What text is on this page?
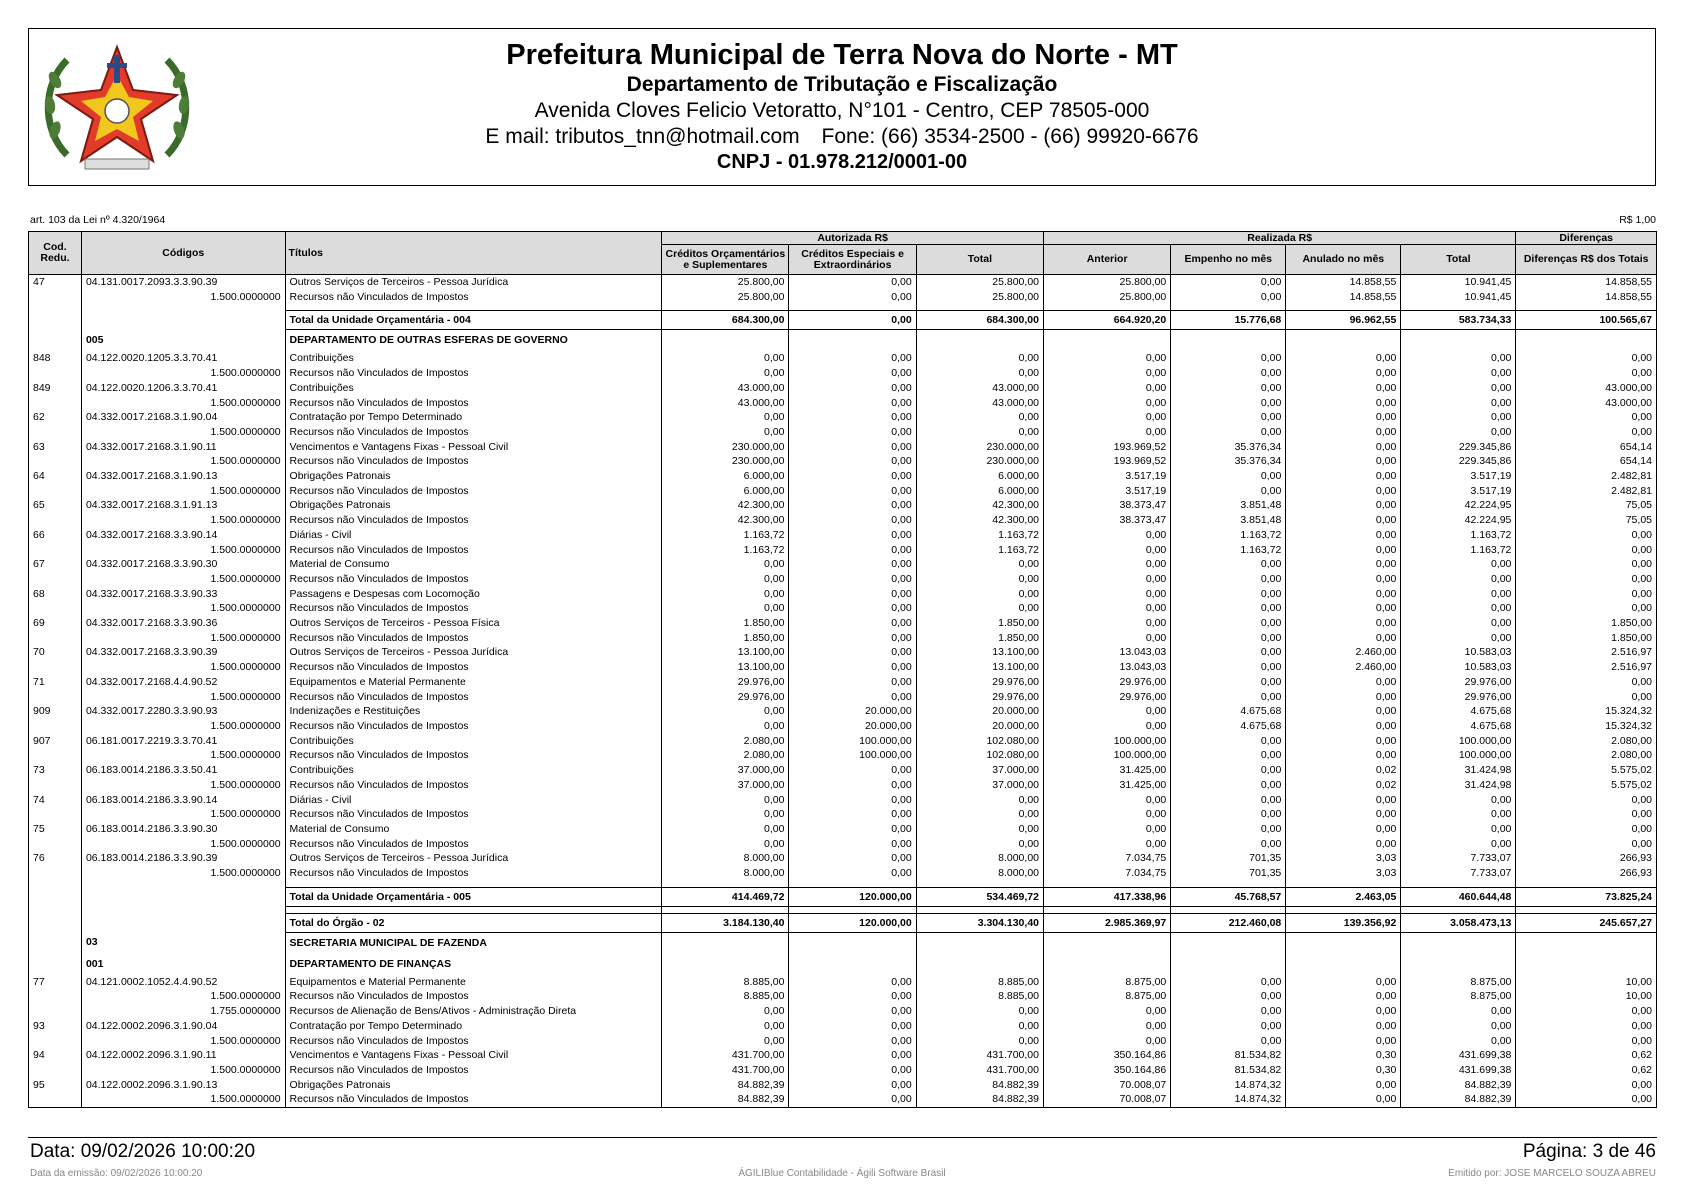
Prefeitura Municipal de Terra Nova do Norte - MT
Departamento de Tributação e Fiscalização
Avenida Cloves Felicio Vetoratto, N°101 - Centro, CEP 78505-000
E mail: tributos_tnn@hotmail.com Fone: (66) 3534-2500 - (66) 99920-6676
CNPJ - 01.978.212/0001-00
art. 103 da Lei nº 4.320/1964	R$ 1,00
Cod. Redu.	Códigos	Títulos	Autorizada R$			Realizada R$				Diferenças
			Créditos Orçamentários e Suplementares	Créditos Especiais e Extraordinários	Total	Anterior	Empenho no mês	Anulado no mês	Total	Diferenças R$ dos Totais
47	04.131.0017.2093.3.3.90.39	Outros Serviços de Terceiros - Pessoa Jurídica	25.800,00	0,00	25.800,00	25.800,00	0,00	14.858,55	10.941,45	14.858,55
	1.500.0000000	Recursos não Vinculados de Impostos	25.800,00	0,00	25.800,00	25.800,00	0,00	14.858,55	10.941,45	14.858,55

		Total da Unidade Orçamentária - 004	684.300,00	0,00	684.300,00	664.920,20	15.776,68	96.962,55	583.734,33	100.565,67
	005	DEPARTAMENTO DE OUTRAS ESFERAS DE GOVERNO								
848	04.122.0020.1205.3.3.70.41	Contribuições	0,00	0,00	0,00	0,00	0,00	0,00	0,00	0,00
	1.500.0000000	Recursos não Vinculados de Impostos	0,00	0,00	0,00	0,00	0,00	0,00	0,00	0,00
849	04.122.0020.1206.3.3.70.41	Contribuições	43.000,00	0,00	43.000,00	0,00	0,00	0,00	0,00	43.000,00
	1.500.0000000	Recursos não Vinculados de Impostos	43.000,00	0,00	43.000,00	0,00	0,00	0,00	0,00	43.000,00
62	04.332.0017.2168.3.1.90.04	Contratação por Tempo Determinado	0,00	0,00	0,00	0,00	0,00	0,00	0,00	0,00
	1.500.0000000	Recursos não Vinculados de Impostos	0,00	0,00	0,00	0,00	0,00	0,00	0,00	0,00
63	04.332.0017.2168.3.1.90.11	Vencimentos e Vantagens Fixas - Pessoal Civil	230.000,00	0,00	230.000,00	193.969,52	35.376,34	0,00	229.345,86	654,14
	1.500.0000000	Recursos não Vinculados de Impostos	230.000,00	0,00	230.000,00	193.969,52	35.376,34	0,00	229.345,86	654,14
64	04.332.0017.2168.3.1.90.13	Obrigações Patronais	6.000,00	0,00	6.000,00	3.517,19	0,00	0,00	3.517,19	2.482,81
	1.500.0000000	Recursos não Vinculados de Impostos	6.000,00	0,00	6.000,00	3.517,19	0,00	0,00	3.517,19	2.482,81
65	04.332.0017.2168.3.1.91.13	Obrigações Patronais	42.300,00	0,00	42.300,00	38.373,47	3.851,48	0,00	42.224,95	75,05
	1.500.0000000	Recursos não Vinculados de Impostos	42.300,00	0,00	42.300,00	38.373,47	3.851,48	0,00	42.224,95	75,05
66	04.332.0017.2168.3.3.90.14	Diárias - Civil	1.163,72	0,00	1.163,72	0,00	1.163,72	0,00	1.163,72	0,00
	1.500.0000000	Recursos não Vinculados de Impostos	1.163,72	0,00	1.163,72	0,00	1.163,72	0,00	1.163,72	0,00
67	04.332.0017.2168.3.3.90.30	Material de Consumo	0,00	0,00	0,00	0,00	0,00	0,00	0,00	0,00
	1.500.0000000	Recursos não Vinculados de Impostos	0,00	0,00	0,00	0,00	0,00	0,00	0,00	0,00
68	04.332.0017.2168.3.3.90.33	Passagens e Despesas com Locomoção	0,00	0,00	0,00	0,00	0,00	0,00	0,00	0,00
	1.500.0000000	Recursos não Vinculados de Impostos	0,00	0,00	0,00	0,00	0,00	0,00	0,00	0,00
69	04.332.0017.2168.3.3.90.36	Outros Serviços de Terceiros - Pessoa Física	1.850,00	0,00	1.850,00	0,00	0,00	0,00	0,00	1.850,00
	1.500.0000000	Recursos não Vinculados de Impostos	1.850,00	0,00	1.850,00	0,00	0,00	0,00	0,00	1.850,00
70	04.332.0017.2168.3.3.90.39	Outros Serviços de Terceiros - Pessoa Jurídica	13.100,00	0,00	13.100,00	13.043,03	0,00	2.460,00	10.583,03	2.516,97
	1.500.0000000	Recursos não Vinculados de Impostos	13.100,00	0,00	13.100,00	13.043,03	0,00	2.460,00	10.583,03	2.516,97
71	04.332.0017.2168.4.4.90.52	Equipamentos e Material Permanente	29.976,00	0,00	29.976,00	29.976,00	0,00	0,00	29.976,00	0,00
	1.500.0000000	Recursos não Vinculados de Impostos	29.976,00	0,00	29.976,00	29.976,00	0,00	0,00	29.976,00	0,00
909	04.332.0017.2280.3.3.90.93	Indenizações e Restituições	0,00	20.000,00	20.000,00	0,00	4.675,68	0,00	4.675,68	15.324,32
	1.500.0000000	Recursos não Vinculados de Impostos	0,00	20.000,00	20.000,00	0,00	4.675,68	0,00	4.675,68	15.324,32
907	06.181.0017.2219.3.3.70.41	Contribuições	2.080,00	100.000,00	102.080,00	100.000,00	0,00	0,00	100.000,00	2.080,00
	1.500.0000000	Recursos não Vinculados de Impostos	2.080,00	100.000,00	102.080,00	100.000,00	0,00	0,00	100.000,00	2.080,00
73	06.183.0014.2186.3.3.50.41	Contribuições	37.000,00	0,00	37.000,00	31.425,00	0,00	0,02	31.424,98	5.575,02
	1.500.0000000	Recursos não Vinculados de Impostos	37.000,00	0,00	37.000,00	31.425,00	0,00	0,02	31.424,98	5.575,02
74	06.183.0014.2186.3.3.90.14	Diárias - Civil	0,00	0,00	0,00	0,00	0,00	0,00	0,00	0,00
	1.500.0000000	Recursos não Vinculados de Impostos	0,00	0,00	0,00	0,00	0,00	0,00	0,00	0,00
75	06.183.0014.2186.3.3.90.30	Material de Consumo	0,00	0,00	0,00	0,00	0,00	0,00	0,00	0,00
	1.500.0000000	Recursos não Vinculados de Impostos	0,00	0,00	0,00	0,00	0,00	0,00	0,00	0,00
76	06.183.0014.2186.3.3.90.39	Outros Serviços de Terceiros - Pessoa Jurídica	8.000,00	0,00	8.000,00	7.034,75	701,35	3,03	7.733,07	266,93
	1.500.0000000	Recursos não Vinculados de Impostos	8.000,00	0,00	8.000,00	7.034,75	701,35	3,03	7.733,07	266,93

		Total da Unidade Orçamentária - 005	414.469,72	120.000,00	534.469,72	417.338,96	45.768,57	2.463,05	460.644,48	73.825,24

		Total do Órgão - 02	3.184.130,40	120.000,00	3.304.130,40	2.985.369,97	212.460,08	139.356,92	3.058.473,13	245.657,27
	03	SECRETARIA MUNICIPAL DE FAZENDA								
	001	DEPARTAMENTO DE FINANÇAS								
77	04.121.0002.1052.4.4.90.52	Equipamentos e Material Permanente	8.885,00	0,00	8.885,00	8.875,00	0,00	0,00	8.875,00	10,00
	1.500.0000000	Recursos não Vinculados de Impostos	8.885,00	0,00	8.885,00	8.875,00	0,00	0,00	8.875,00	10,00
	1.755.0000000	Recursos de Alienação de Bens/Ativos - Administração Direta	0,00	0,00	0,00	0,00	0,00	0,00	0,00	0,00
93	04.122.0002.2096.3.1.90.04	Contratação por Tempo Determinado	0,00	0,00	0,00	0,00	0,00	0,00	0,00	0,00
	1.500.0000000	Recursos não Vinculados de Impostos	0,00	0,00	0,00	0,00	0,00	0,00	0,00	0,00
94	04.122.0002.2096.3.1.90.11	Vencimentos e Vantagens Fixas - Pessoal Civil	431.700,00	0,00	431.700,00	350.164,86	81.534,82	0,30	431.699,38	0,62
	1.500.0000000	Recursos não Vinculados de Impostos	431.700,00	0,00	431.700,00	350.164,86	81.534,82	0,30	431.699,38	0,62
95	04.122.0002.2096.3.1.90.13	Obrigações Patronais	84.882,39	0,00	84.882,39	70.008,07	14.874,32	0,00	84.882,39	0,00
	1.500.0000000	Recursos não Vinculados de Impostos	84.882,39	0,00	84.882,39	70.008,07	14.874,32	0,00	84.882,39	0,00
Data: 09/02/2026 10:00:20	Página: 3 de 46
Data da emissão: 09/02/2026 10:00:20	ÁGILIBlue Contabilidade - Ágili Software Brasil	Emitido por: JOSE MARCELO SOUZA ABREU
